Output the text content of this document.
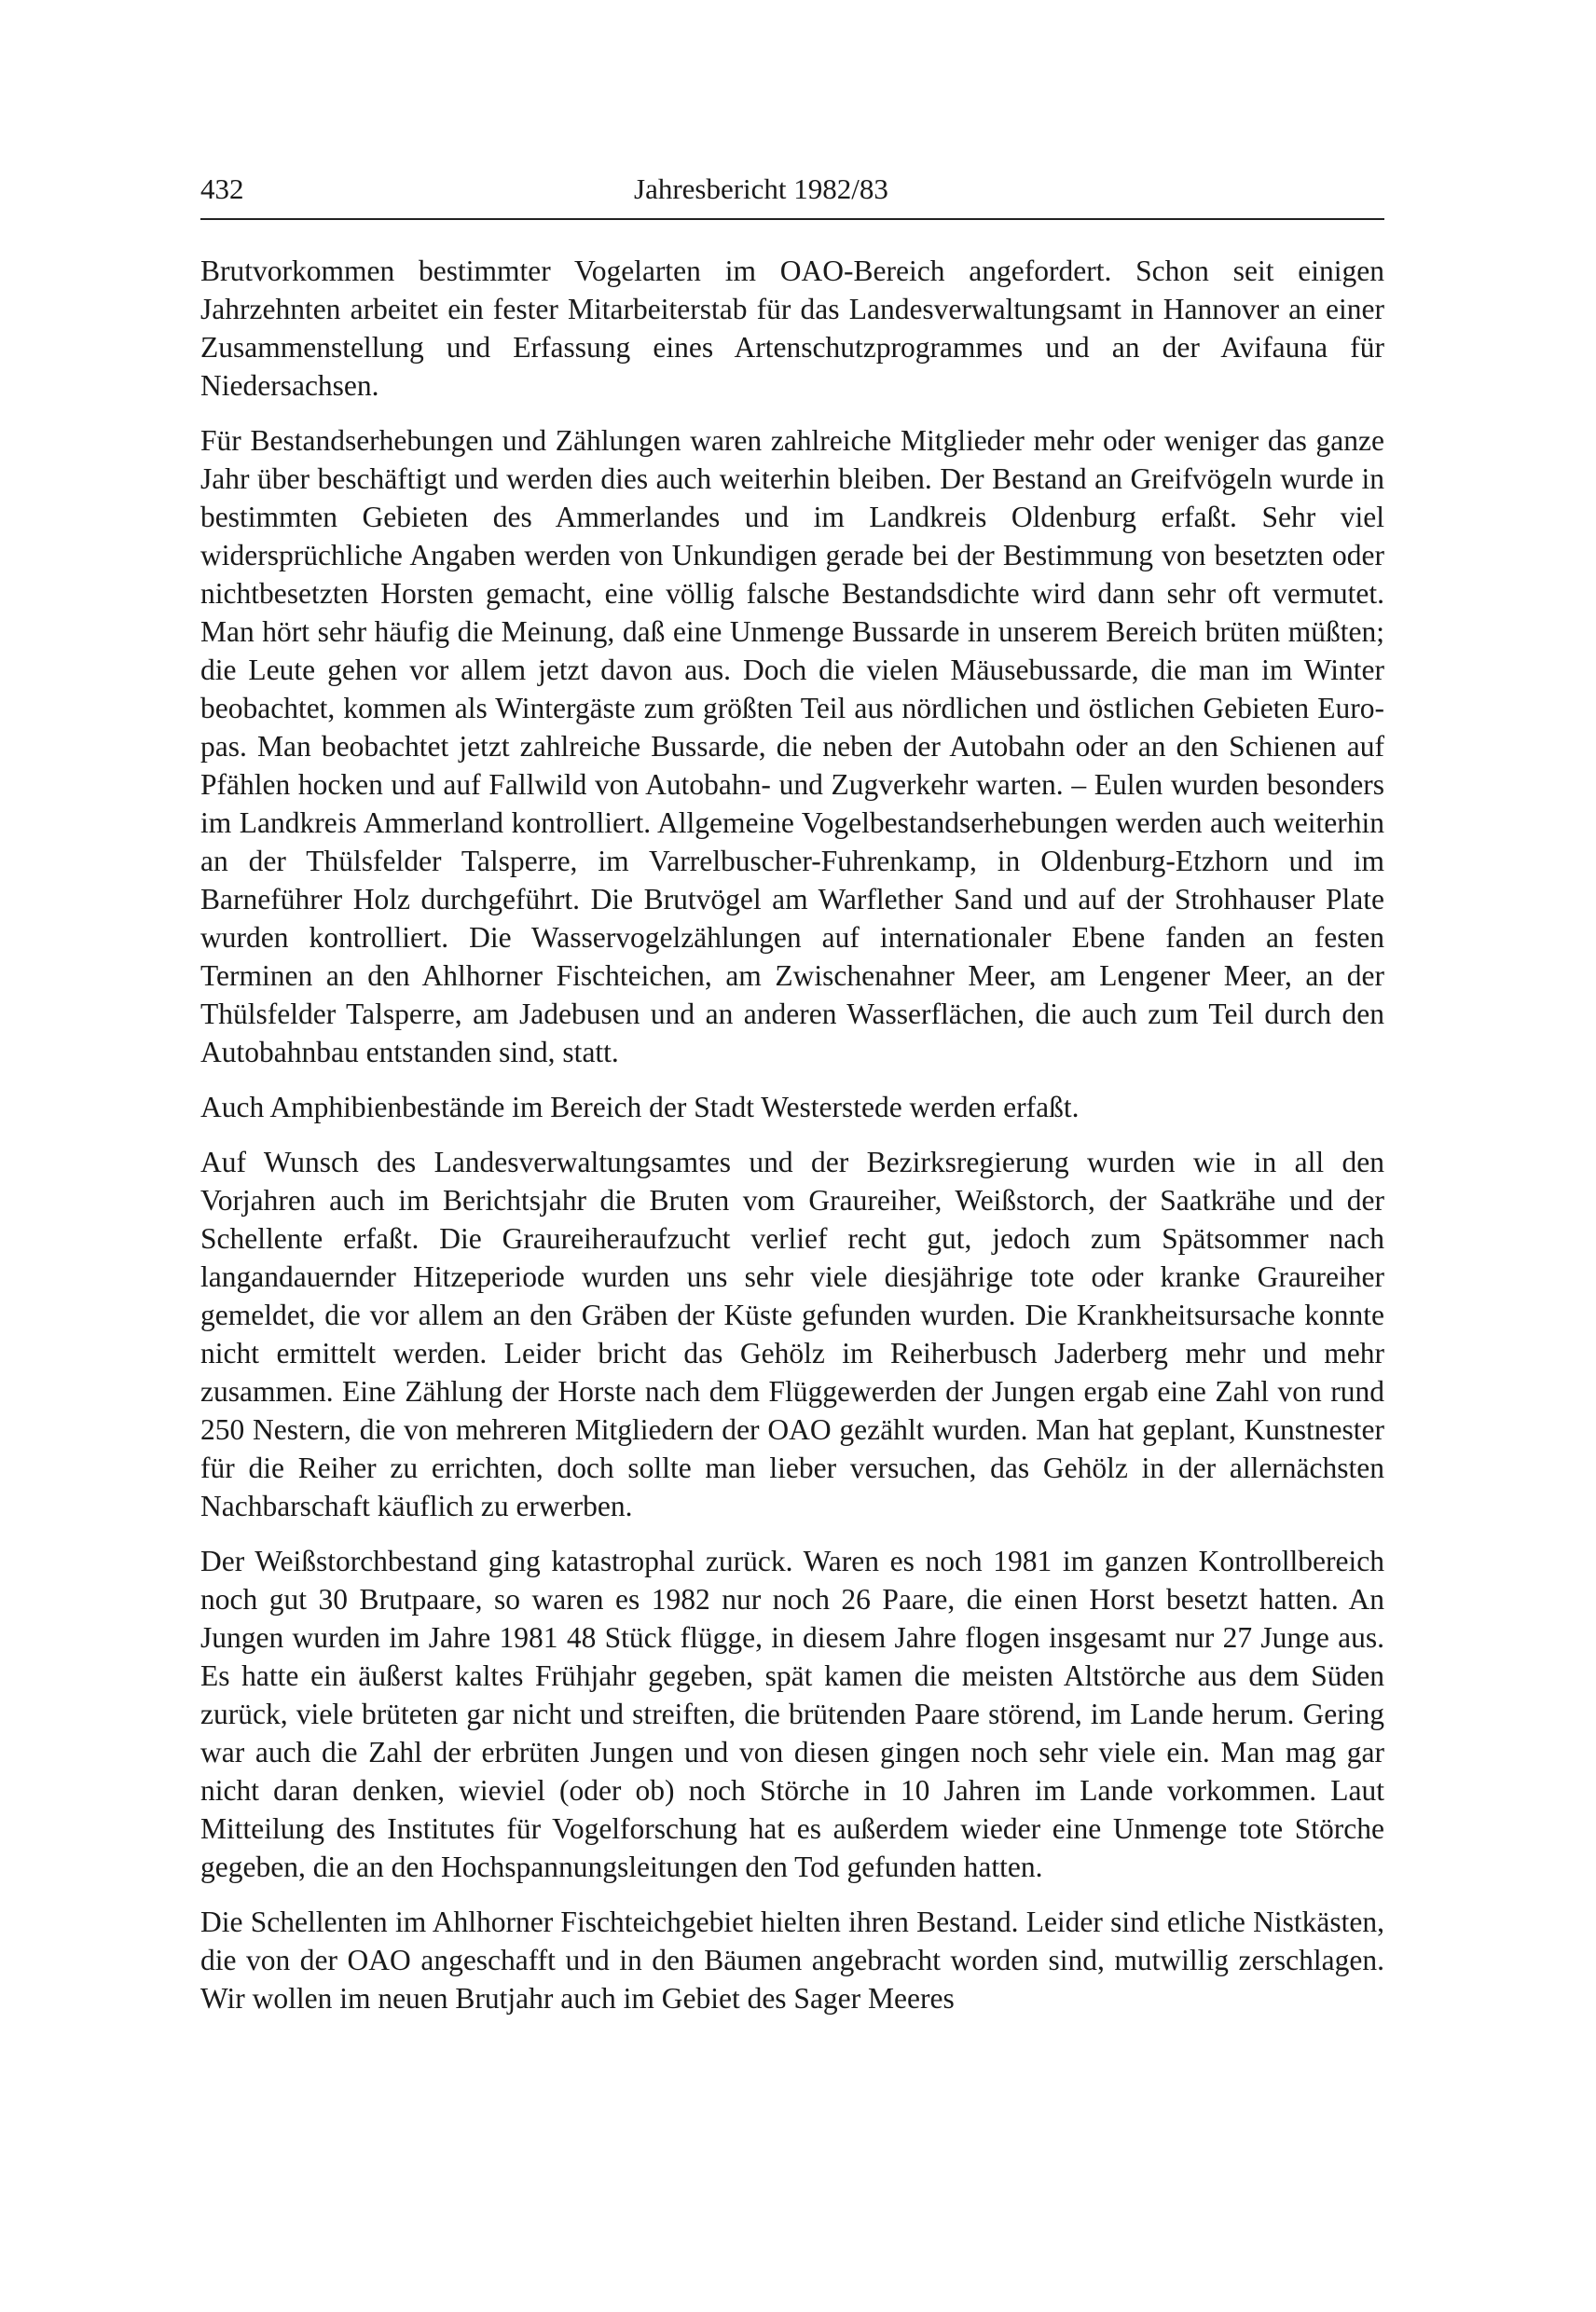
432	Jahresbericht 1982/83

Brutvorkommen bestimmter Vogelarten im OAO-Bereich angefordert. Schon seit einigen Jahrzehnten arbeitet ein fester Mitarbeiterstab für das Landesverwaltungsamt in Hannover an einer Zusammenstellung und Erfassung eines Artenschutzprogrammes und an der Avifauna für Niedersachsen.

Für Bestandserhebungen und Zählungen waren zahlreiche Mitglieder mehr oder weniger das ganze Jahr über beschäftigt und werden dies auch weiterhin bleiben. Der Bestand an Greifvögeln wurde in bestimmten Gebieten des Ammerlandes und im Landkreis Oldenburg erfaßt. Sehr viel widersprüchliche Angaben werden von Unkundigen gerade bei der Bestimmung von besetzten oder nichtbesetzten Horsten gemacht, eine völlig falsche Bestandsdichte wird dann sehr oft vermutet. Man hört sehr häufig die Meinung, daß eine Unmenge Bussarde in unserem Bereich brüten müßten; die Leute gehen vor allem jetzt davon aus. Doch die vielen Mäusebussarde, die man im Winter beobachtet, kommen als Wintergäste zum größten Teil aus nördlichen und östlichen Gebieten Europas. Man beobachtet jetzt zahlreiche Bussarde, die neben der Autobahn oder an den Schienen auf Pfählen hocken und auf Fallwild von Autobahn- und Zugverkehr warten. – Eulen wurden besonders im Landkreis Ammerland kontrolliert. Allgemeine Vogelbestandserhebungen werden auch weiterhin an der Thülsfelder Talsperre, im Varrelbuscher-Fuhrenkamp, in Oldenburg-Etzhorn und im Barneführer Holz durchgeführt. Die Brutvögel am Warflether Sand und auf der Strohhauser Plate wurden kontrolliert. Die Wasservogelzählungen auf internationaler Ebene fanden an festen Terminen an den Ahlhorner Fischteichen, am Zwischenahner Meer, am Lengener Meer, an der Thülsfelder Talsperre, am Jadebusen und an anderen Wasserflächen, die auch zum Teil durch den Autobahnbau entstanden sind, statt.

Auch Amphibienbestände im Bereich der Stadt Westerstede werden erfaßt.

Auf Wunsch des Landesverwaltungsamtes und der Bezirksregierung wurden wie in all den Vorjahren auch im Berichtsjahr die Bruten vom Graureiher, Weißstorch, der Saatkrähe und der Schellente erfaßt. Die Graureiheraufzucht verlief recht gut, jedoch zum Spätsommer nach langandauernder Hitzeperiode wurden uns sehr viele diesjährige tote oder kranke Graureiher gemeldet, die vor allem an den Gräben der Küste gefunden wurden. Die Krankheitsursache konnte nicht ermittelt werden. Leider bricht das Gehölz im Reiherbusch Jaderberg mehr und mehr zusammen. Eine Zählung der Horste nach dem Flüggewerden der Jungen ergab eine Zahl von rund 250 Nestern, die von mehreren Mitgliedern der OAO gezählt wurden. Man hat geplant, Kunstnester für die Reiher zu errichten, doch sollte man lieber versuchen, das Gehölz in der allernächsten Nachbarschaft käuflich zu erwerben.

Der Weißstorchbestand ging katastrophal zurück. Waren es noch 1981 im ganzen Kontrollbereich noch gut 30 Brutpaare, so waren es 1982 nur noch 26 Paare, die einen Horst besetzt hatten. An Jungen wurden im Jahre 1981 48 Stück flügge, in diesem Jahre flogen insgesamt nur 27 Junge aus. Es hatte ein äußerst kaltes Frühjahr gegeben, spät kamen die meisten Altstörche aus dem Süden zurück, viele brüteten gar nicht und streiften, die brütenden Paare störend, im Lande herum. Gering war auch die Zahl der erbrüten Jungen und von diesen gingen noch sehr viele ein. Man mag gar nicht daran denken, wieviel (oder ob) noch Störche in 10 Jahren im Lande vorkommen. Laut Mitteilung des Institutes für Vogelforschung hat es außerdem wieder eine Unmenge tote Störche gegeben, die an den Hochspannungsleitungen den Tod gefunden hatten.

Die Schellenten im Ahlhorner Fischteichgebiet hielten ihren Bestand. Leider sind etliche Nistkästen, die von der OAO angeschafft und in den Bäumen angebracht worden sind, mutwillig zerschlagen. Wir wollen im neuen Brutjahr auch im Gebiet des Sager Meeres
